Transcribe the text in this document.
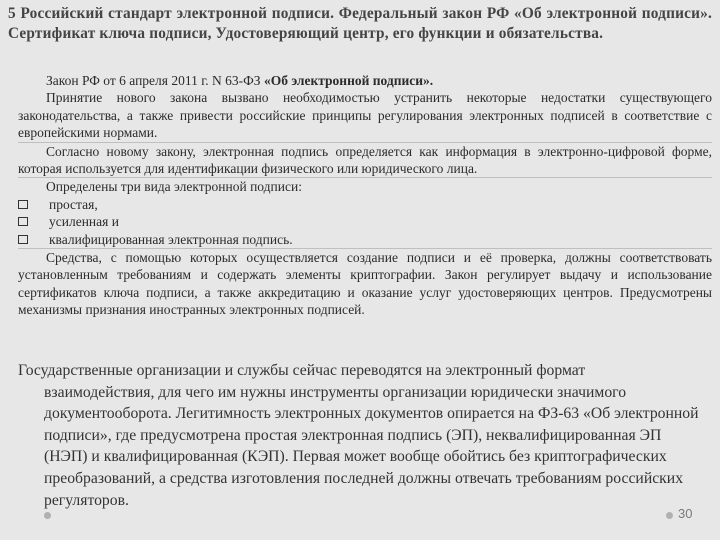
5 Российский стандарт электронной подписи. Федеральный закон РФ «Об электронной подписи». Сертификат ключа подписи, Удостоверяющий центр, его функции и обязательства.
Закон РФ от 6 апреля 2011 г. N 63-ФЗ «Об электронной подписи».

Принятие нового закона вызвано необходимостью устранить некоторые недостатки существующего законодательства, а также привести российские принципы регулирования электронных подписей в соответствие с европейскими нормами.

Согласно новому закону, электронная подпись определяется как информация в электронно-цифровой форме, которая используется для идентификации физического или юридического лица.

Определены три вида электронной подписи:

простая,
усиленная и
квалифицированная электронная подпись.

Средства, с помощью которых осуществляется создание подписи и её проверка, должны соответствовать установленным требованиям и содержать элементы криптографии. Закон регулирует выдачу и использование сертификатов ключа подписи, а также аккредитацию и оказание услуг удостоверяющих центров. Предусмотрены механизмы признания иностранных электронных подписей.

Государственные организации и службы сейчас переводятся на электронный формат
взаимодействия, для чего им нужны инструменты организации юридически значимого документооборота. Легитимность электронных документов опирается на ФЗ-63 «Об электронной подписи», где предусмотрена простая электронная подпись (ЭП), неквалифицированная ЭП (НЭП) и квалифицированная (КЭП). Первая может вообще обойтись без криптографических преобразований, а средства изготовления последней должны отвечать требованиям российских регуляторов.
30
